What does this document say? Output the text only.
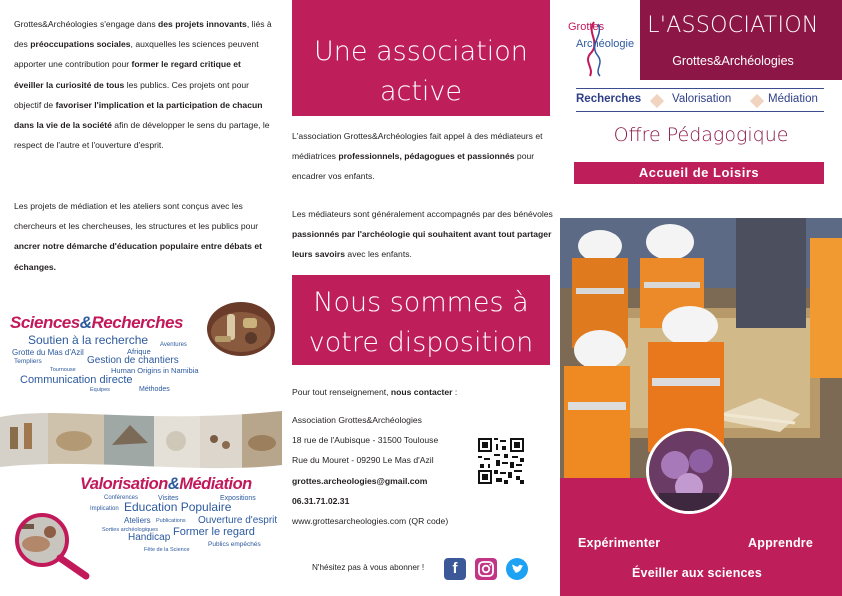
Grottes&Archéologies s'engage dans des projets innovants, liés à des préoccupations sociales, auxquelles les sciences peuvent apporter une contribution pour former le regard critique et éveiller la curiosité de tous les publics. Ces projets ont pour objectif de favoriser l'implication et la participation de chacun dans la vie de la société afin de développer le sens du partage, le respect de l'autre et l'ouverture d'esprit.
Les projets de médiation et les ateliers sont conçus avec les chercheurs et les chercheuses, les structures et les publics pour ancrer notre démarche d'éducation populaire entre débats et échanges.
Sciences&Recherches
Soutien à la recherche
Grotte du Mas d'Azil	Afrique
Aventures
Templiers	Gestion de chantiers
Tournouse	Human Origins in Namibia
Communication directe
Equipes	Méthodes
Valorisation&Médiation
Conférences	Visites	Expositions
Implication Education Populaire
Ateliers Publications Ouverture d'esprit
Sorties archéologiques Former le regard
Handicap
Publics empêchés
Fête de la Science
Une association
active
L'association Grottes&Archéologies fait appel à des médiateurs et médiatrices professionnels, pédagogues et passionnés pour encadrer vos enfants.
Les médiateurs sont généralement accompagnés par des bénévoles passionnés par l'archéologie qui souhaitent avant tout partager leurs savoirs avec les enfants.
Nous sommes à
votre disposition
Pour tout renseignement, nous contacter :
Association Grottes&Archéologies
18 rue de l'Aubisque - 31500 Toulouse
Rue du Mouret - 09290 Le Mas d'Azil
grottes.archeologies@gmail.com
06.31.71.02.31
www.grottesarcheologies.com (QR code)
N'hésitez pas à vous abonner !	f
Grottes
Archéologie
L'ASSOCIATION
Grottes&Archéologies
Recherches	Valorisation	Médiation
Offre Pédagogique
Accueil de Loisirs
Expérimenter	Apprendre
Éveiller aux sciences
